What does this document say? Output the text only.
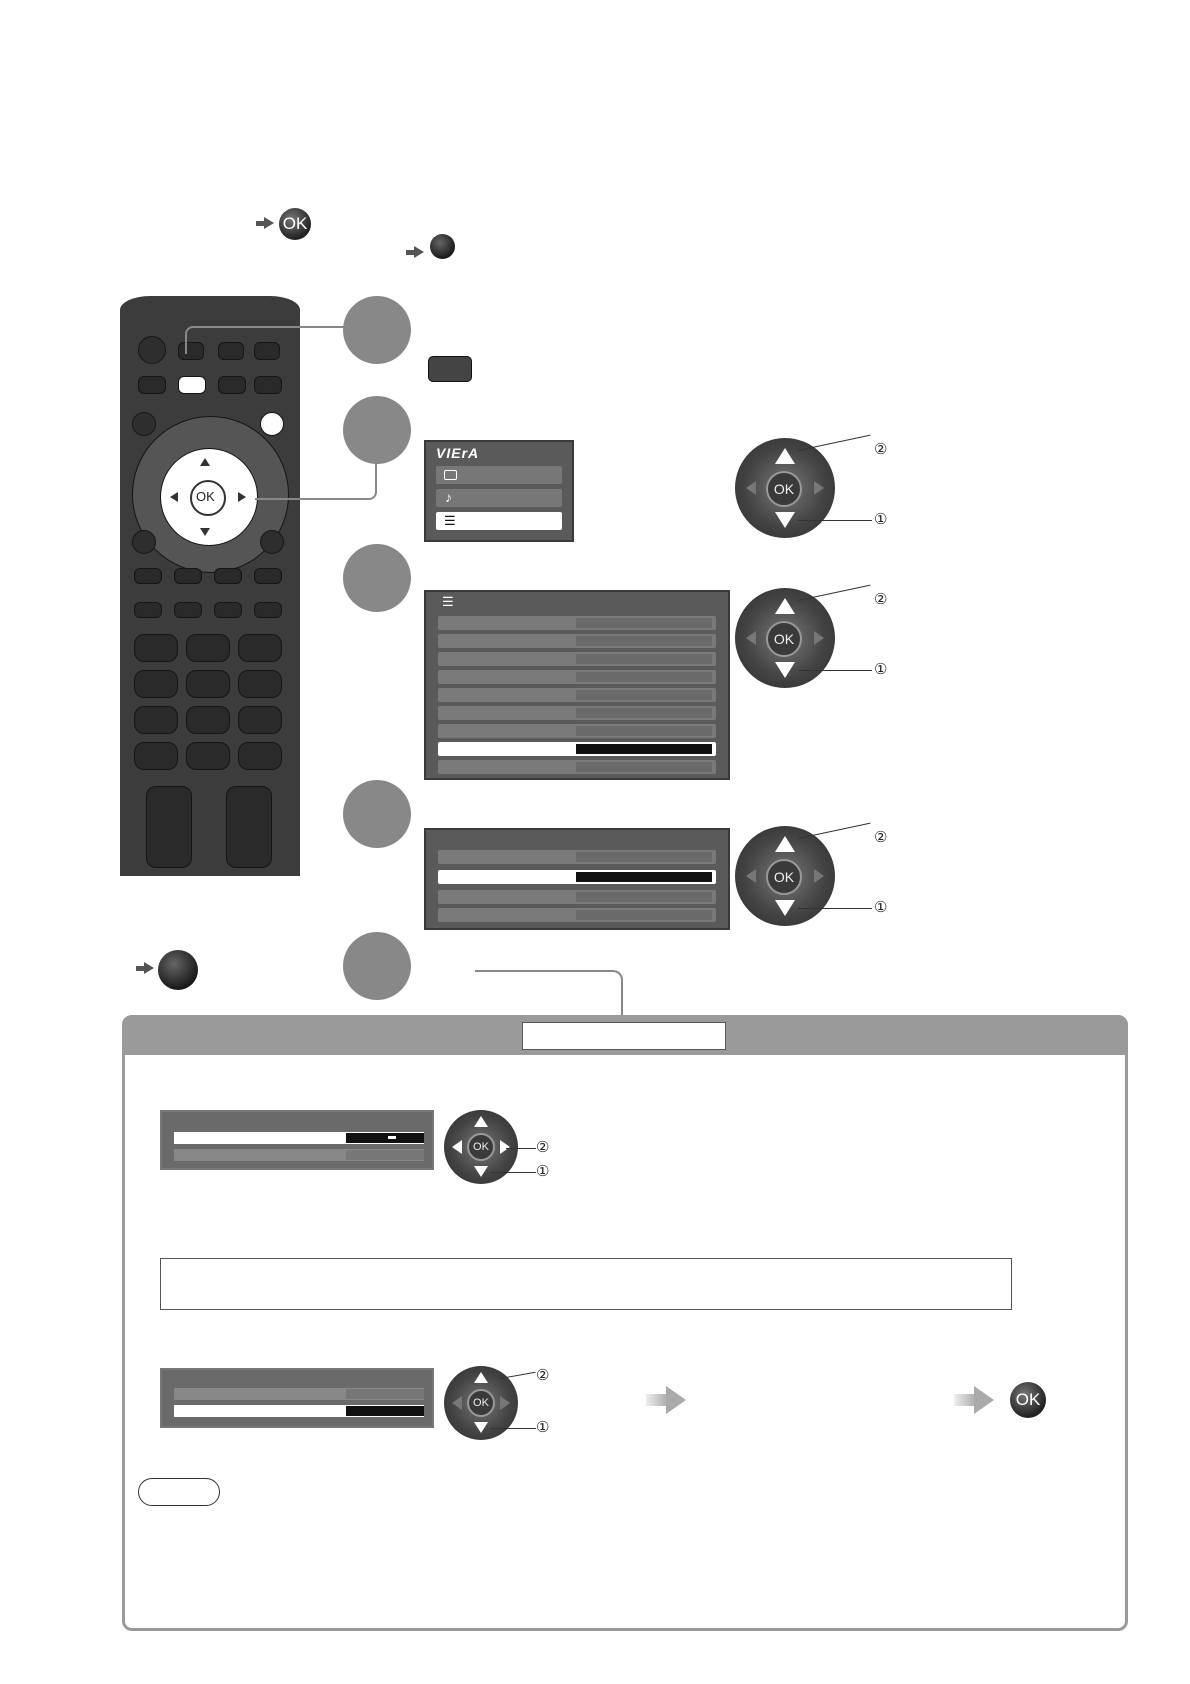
OK
OK
VIErA
♪
☰
OK
②
①
☰
OK
②
①
OK
②
①
OK	②
①
OK
②
①
OK
